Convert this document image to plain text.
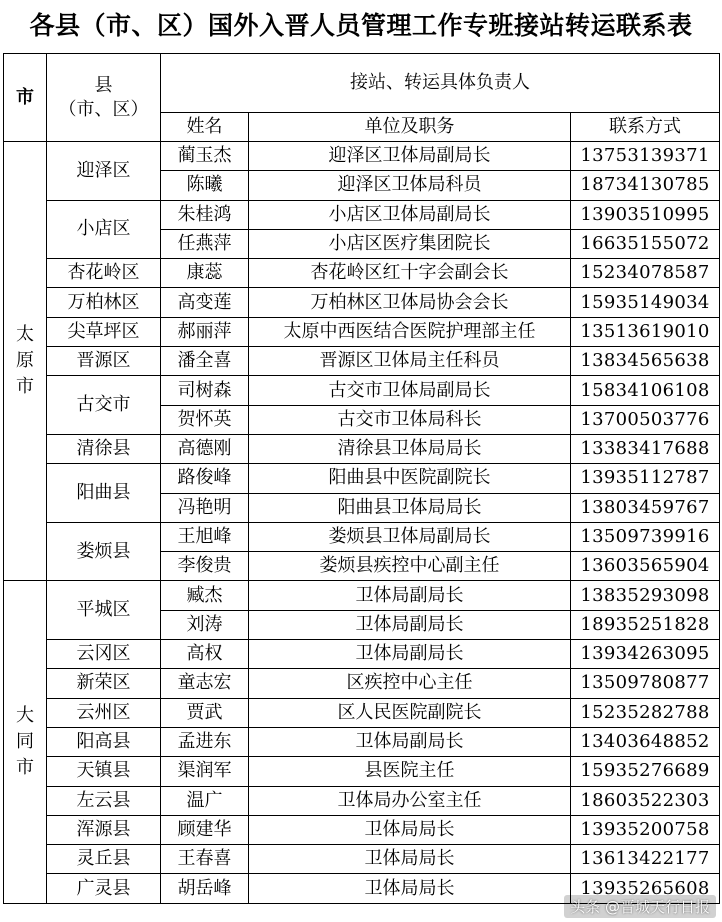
各县（市、区）国外入晋人员管理工作专班接站转运联系表
市	县
（市、区）	接站、转运具体负责人		
		姓名	单位及职务	联系方式

太原市	迎泽区	蔺玉杰	迎泽区卫体局副局长	13753139371
		陈曦	迎泽区卫体局科员	18734130785
	小店区	朱桂鸿	小店区卫体局副局长	13903510995
		任燕萍	小店区医疗集团院长	16635155072
	杏花岭区	康蕊	杏花岭区红十字会副会长	15234078587
	万柏林区	高变莲	万柏林区卫体局协会会长	15935149034
	尖草坪区	郝丽萍	太原中西医结合医院护理部主任	13513619010
	晋源区	潘全喜	晋源区卫体局主任科员	13834565638
	古交市	司树森	古交市卫体局副局长	15834106108
		贺怀英	古交市卫体局科长	13700503776
	清徐县	高德刚	清徐县卫体局局长	13383417688
	阳曲县	路俊峰	阳曲县中医院副院长	13935112787
		冯艳明	阳曲县卫体局局长	13803459767
	娄烦县	王旭峰	娄烦县卫体局副局长	13509739916
		李俊贵	娄烦县疾控中心副主任	13603565904

大同市	平城区	臧杰	卫体局副局长	13835293098
		刘涛	卫体局副局长	18935251828
	云冈区	高权	卫体局副局长	13934263095
	新荣区	童志宏	区疾控中心主任	13509780877
	云州区	贾武	区人民医院副院长	15235282788
	阳高县	孟进东	卫体局副局长	13403648852
	天镇县	渠润军	县医院主任	15935276689
	左云县	温广	卫体局办公室主任	18603522303
	浑源县	顾建华	卫体局局长	13935200758
	灵丘县	王春喜	卫体局局长	13613422177
	广灵县	胡岳峰	卫体局局长	13935265608
头条 @晋城天行日报
